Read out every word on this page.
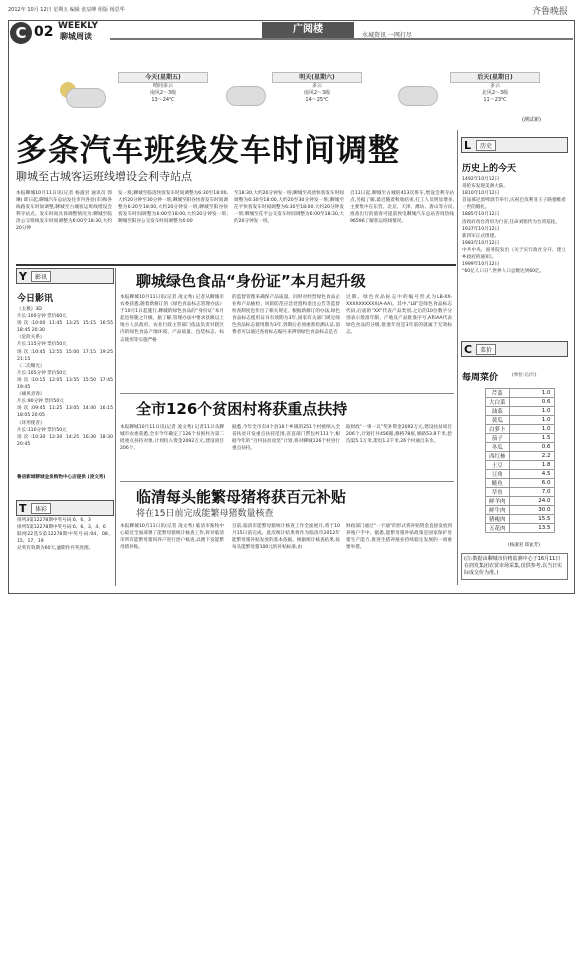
2012年 10月 12日 星期五 编辑 张辰峰 组版 杨思华	齐鲁晚报
C 02 WEEKLY
聊城周读
广阅楼
水城资讯 一网打尽
今天(星期五)
晴间多云
南风2～3级
13～24℃
明天(星期六)
多云
南风2～3级
14～25℃
后天(星期日)
多云
北风2～3级
11～23℃
(测试新)
多条汽车班线发车时间调整
聊城至古城客运班线增设会利寺站点
本报聊城10月11日讯(记者 杨淑君 通讯员 郭琳) 即日起,聊城汽车总站发往市内各县(市)和各线路发车时间调整,聊城至古城客运班线增设会利寺站点。发车时间具体调整情况为:聊城至临清公交班线发车时间调整为6:00至18:30,大约20分钟
发一班;聊城至临清快客发车时间调整为6:30至18:00,大约20分钟至30分钟一班;聊城至阳谷快客发车时间调整为6:20至18:00,大约20分钟发一班;聊城至阳谷快客发车时间调整为6:00至18:00,大约20分钟发一班;聊城至阳谷公交发车时间调整为6:00
至18:30,大约20分钟发一班;聊城至高唐快客发车时间调整为6:30至18:00,大约20至30分钟发一班;聊城至茌平快客发车时间调整为6:30至18:00,大约20分钟发一班;聊城至茌平公交发车时间调整为6:00至18:30,大约20分钟发一班。
自11日起,聊城至古城的413次班车,增设会利寺站点,另据了解,最近随着秋收结束,打工人员明显增多,主要集中在东营、北京、天津、潍坊、唐山等方向,准备出行的旅客可提前致电聊城汽车总站咨询热线96596了解客运班线情况。
L	历史
历史上的今天
1492年10月12日
哥伦布发现美洲大陆。
1810年10月12日
首届慕尼黑啤酒节举行,庆祝巴伐利亚王子路德维希一世的婚礼。
1885年10月12日
清政府改台湾府为行省,任命刘铭传为台湾巡抚。
1937年10月12日
新四军正式组建。
1983年10月12日
中共中央、国务院发出《关于实行政社分开、建立乡政府的通知》。
1999年10月12日
“60亿人口日”,世界人口总数达到60亿。
C	菜价
每周菜价	(单位:元/斤)
芹菜	1.0
大白菜	0.6
油菜	1.0
黄瓜	1.0
白萝卜	1.0
茄子	1.5
冬瓜	0.6
西红柿	2.2
土豆	1.8
豆角	4.5
鲢鱼	6.0
草鱼	7.0
鲜羊肉	24.0
鲜牛肉	30.0
猪瘦肉	15.5
五花肉	13.5
(杨淑君 郑並芳)
(注:数据由聊城市价格监测中心于16月11日在润发集团农贸市场采集,仅供参考,以当日实际成交价为准。)
Y	影讯
今日影讯
《太极》3D
片长:100分钟 票价60元
场次:10:00 11:45 13:25 15:15 16:55 18:45 20:30
《危险关系》
片长:115分钟 票价50元
场次:10:45 12:55 15:00 17:15 19:25 21:15
《二次曝光》
片长:105分钟 票价50元
场次:10:15 12:05 13:55 15:50 17:45 19:45
《痛风青春》
片长:90分钟 票价50元
场次:09:45 11:25 13:05 14:40 16:15 18:05 20:05
《环形使者》
片长:110分钟 票价50元
场次:10:30 12:30 14:25 16:30 18:30 20:45
鲁信影城聊城金泉购物中心店提供 (凌文秀)
T	体彩
排列3第12278期中奖号码:6、6、3
排列5第12278期中奖号码:6、6、3、4、6
联网22选5第12278期中奖号码:04、08、15、17、19
兑奖有效期为60天,逾期作弃奖处理。
聊城绿色食品“身份证”本月起升级
本报聊城10月11日讯(记者 凌文秀) 记者从聊城市农委获悉,随着新修订的《绿色食品标志管理办法》于10月1日起施行,聊城的绿色食品的“身份证”本月起也将随之升级。据了解,管理办法中要求县级以上地方人民政府、农业行政主管部门依法负责对辖区内的绿色食品产地环境、产品质量、包装标志、标志使用等实施严格
的监督管理来确保产品质量。同时对经营绿色食品企业和产品抽检、风险防范应急处置和退出公告等监督检查制度也作出了相关规定。根据新修订的办法,绿色食品标志使用证书有效期为3年,国家有关部门规定绿色食品标志使用期为3年,到期后必须重新检测认证,消费者可以通过查看标志编号来辨别绿色食品标志是否
过期。绿色食品标志中的编号形式为LB-XX-XXXXXXXXXX(A-AA)。其中,“LB”是绿色食品标志代码,后面的“XX”代表产品类别,之后的10位数字分别表示批准年限、产地及产品批准序号,A和AA代表绿色食品的分级,批准年度是3年前的就属于无效标志。
全市126个贫困村将获重点扶持
本报聊城10月11日讯(记者 凌文秀) 记者11日从聊城市农委获悉,全市今年确定了126个贫困村为第二批重点扶持对象,计划投入资金2092万元,建设项目206个。
据悉,今年全市有4个县16个乡镇的251个村被纳入全省扶贫开发重点扶持范围,省直部门帮包村111个,根据今年的“百村扶贫攻坚”计划,将对聊城126个村进行重点扶持。
取财政“一事一议”奖补资金2092万元,建设扶贫项目206个,计划打井456眼,修桥78座,修路53.8千米,挖沟渠5.1万米,架电1.2千米,26个村通自来水。
临清每头能繁母猪将获百元补贴
将在15日前完成能繁母猪数量核查
本报聊城10月11日讯(记者 凌文秀) 临清市畜牧中心最近全面部署了能繁母猪统计核查工作,将对临清市所有能繁母猪饲养户进行逐户核查,以便下发能繁母猪补贴。
目前,临清市能繁母猪统计核查工作全面展开,将于10月15日前完成。此次统计结果将作为临清市2012年能繁母猪补贴发放的基本依据。根据统计核查结果,按每头能繁母猪100元的补贴标准,由
财政部门通过“一卡通”的形式将补贴资金直接发放到养殖户手中。据悉,能繁母猪补贴政策是国家保护母猪生产能力,推进生猪养殖业持续稳定发展的一项重要举措。
